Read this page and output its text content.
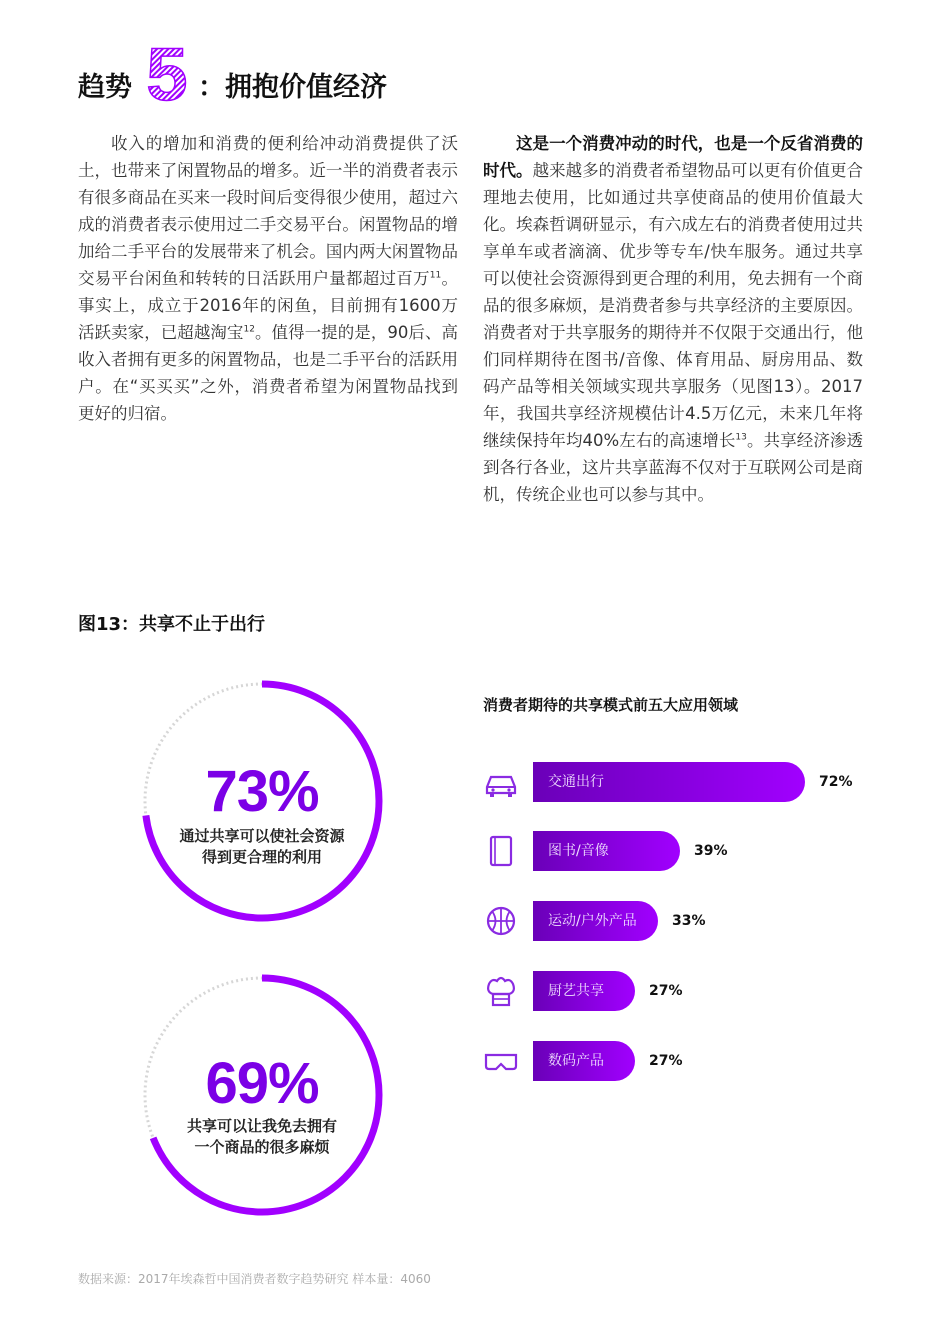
趋势 5 ：拥抱价值经济

收入的增加和消费的便利给冲动消费提供了沃土，也带来了闲置物品的增多。近一半的消费者表示有很多商品在买来一段时间后变得很少使用，超过六成的消费者表示使用过二手交易平台。闲置物品的增加给二手平台的发展带来了机会。国内两大闲置物品交易平台闲鱼和转转的日活跃用户量都超过百万$^{11}$。事实上，成立于2016年的闲鱼，目前拥有1600万活跃卖家，已超越淘宝$^{12}$。值得一提的是，90后、高收入者拥有更多的闲置物品，也是二手平台的活跃用户。在“买买买”之外，消费者希望为闲置物品找到更好的归宿。

这是一个消费冲动的时代，也是一个反省消费的时代。越来越多的消费者希望物品可以更有价值更合理地去使用，比如通过共享使商品的使用价值最大化。埃森哲调研显示，有六成左右的消费者使用过共享单车或者滴滴、优步等专车/快车服务。通过共享可以使社会资源得到更合理的利用，免去拥有一个商品的很多麻烦，是消费者参与共享经济的主要原因。消费者对于共享服务的期待并不仅限于交通出行，他们同样期待在图书/音像、体育用品、厨房用品、数码产品等相关领域实现共享服务（见图13）。2017年，我国共享经济规模估计4.5万亿元，未来几年将继续保持年均40%左右的高速增长$^{13}$。共享经济渗透到各行各业，这片共享蓝海不仅对于互联网公司是商机，传统企业也可以参与其中。

图13：共享不止于出行
73%
通过共享可以使社会资源
得到更合理的利用
69%
共享可以让我免去拥有
一个商品的很多麻烦
消费者期待的共享模式前五大应用领域
交通出行	72%
图书/音像	39%
运动/户外产品	33%
厨艺共享	27%
数码产品	27%
数据来源：2017年埃森哲中国消费者数字趋势研究 样本量：4060
